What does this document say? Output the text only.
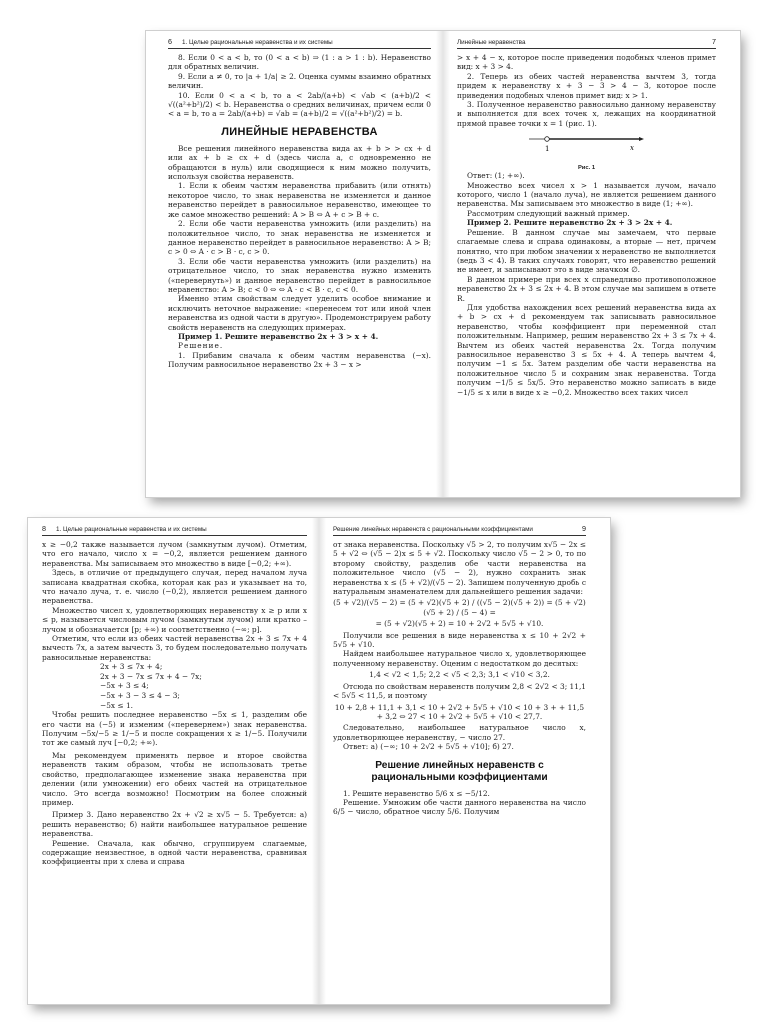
6	1. Целые рациональные неравенства и их системы

8. Если 0 < a < b, то (0 < a < b) ⇒ (1 : a > 1 : b). Неравенство для обратных величин.

9. Если a ≠ 0, то |a + 1/a| ≥ 2. Оценка суммы взаимно обратных величин.

10. Если 0 < a < b, то a < 2ab/(a+b) < √ab < (a+b)/2 < √((a²+b²)/2) < b. Неравенства о средних величинах, причем если 0 < a = b, то a = 2ab/(a+b) = √ab = (a+b)/2 = √((a²+b²)/2) = b.

ЛИНЕЙНЫЕ НЕРАВЕНСТВА

Все решения линейного неравенства вида ax + b > > cx + d или ax + b ≥ cx + d (здесь числа a, c одновременно не обращаются в нуль) или сводящиеся к ним можно получить, используя свойства неравенств.

1. Если к обеим частям неравенства прибавить (или отнять) некоторое число, то знак неравенства не изменяется и данное неравенство перейдет в равносильное неравенство, имеющее то же самое множество решений: A > B ⇔ A + c > B + c.

2. Если обе части неравенства умножить (или разделить) на положительное число, то знак неравенства не изменяется и данное неравенство перейдет в равносильное неравенство: A > B; c > 0 ⇔ A · c > B · c, c > 0.

3. Если обе части неравенства умножить (или разделить) на отрицательное число, то знак неравенства нужно изменить («перевернуть») и данное неравенство перейдет в равносильное неравенство: A > B; c < 0 ⇔ ⇔ A · c < B · c, c < 0.

Именно этим свойствам следует уделить особое внимание и исключить неточное выражение: «перенесем тот или иной член неравенства из одной части в другую». Продемонстрируем работу свойств неравенств на следующих примерах.

Пример 1. Решите неравенство 2x + 3 > x + 4.

Решение.

1. Прибавим сначала к обеим частям неравенства (−x). Получим равносильное неравенство 2x + 3 − x >

Линейные неравенства	7

> x + 4 − x, которое после приведения подобных членов примет вид: x + 3 > 4.

2. Теперь из обеих частей неравенства вычтем 3, тогда придем к неравенству x + 3 − 3 > 4 − 3, которое после приведения подобных членов примет вид: x > 1.

3. Полученное неравенство равносильно данному неравенству и выполняется для всех точек x, лежащих на координатной прямой правее точки x = 1 (рис. 1).

1	x
Рис. 1

Ответ: (1; +∞).

Множество всех чисел x > 1 называется лучом, начало которого, число 1 (начало луча), не является решением данного неравенства. Мы записываем это множество в виде (1; +∞).

Рассмотрим следующий важный пример.

Пример 2. Решите неравенство 2x + 3 > 2x + 4.

Решение. В данном случае мы замечаем, что первые слагаемые слева и справа одинаковы, а вторые — нет, причем понятно, что при любом значении x неравенство не выполняется (ведь 3 < 4). В таких случаях говорят, что неравенство решений не имеет, и записывают это в виде значком ∅.

В данном примере при всех x справедливо противоположное неравенство 2x + 3 ≤ 2x + 4. В этом случае мы запишем в ответе R.

Для удобства нахождения всех решений неравенства вида ax + b > cx + d рекомендуем так записывать равносильное неравенство, чтобы коэффициент при переменной стал положительным. Например, решим неравенство 2x + 3 ≤ 7x + 4. Вычтем из обеих частей неравенства 2x. Тогда получим равносильное неравенство 3 ≤ 5x + 4. А теперь вычтем 4, получим −1 ≤ 5x. Затем разделим обе части неравенства на положительное число 5 и сохраним знак неравенства. Тогда получим −1/5 ≤ 5x/5. Это неравенство можно записать в виде −1/5 ≤ x или в виде x ≥ −0,2. Множество всех таких чисел

8	1. Целые рациональные неравенства и их системы

x ≥ −0,2 также называется лучом (замкнутым лучом). Отметим, что его начало, число x = −0,2, является решением данного неравенства. Мы записываем это множество в виде [−0,2; +∞).

Здесь, в отличие от предыдущего случая, перед началом луча записана квадратная скобка, которая как раз и указывает на то, что начало луча, т. е. число (−0,2), является решением данного неравенства.

Множество чисел x, удовлетворяющих неравенству x ≥ p или x ≤ p, называется числовым лучом (замкнутым лучом) или кратко – лучом и обозначается [p; +∞) и соответственно (−∞; p].

Отметим, что если из обеих частей неравенства 2x + 3 ≤ 7x + 4 вычесть 7x, а затем вычесть 3, то будем последовательно получать равносильные неравенства:

2x + 3 ≤ 7x + 4;
2x + 3 − 7x ≤ 7x + 4 − 7x;
−5x + 3 ≤ 4;
−5x + 3 − 3 ≤ 4 − 3;
−5x ≤ 1.

Чтобы решить последнее неравенство −5x ≤ 1, разделим обе его части на (−5) и изменим («перевернем») знак неравенства. Получим −5x/−5 ≥ 1/−5 и после сокращения x ≥ 1/−5. Получили тот же самый луч [−0,2; +∞).

Мы рекомендуем применять первое и второе свойства неравенств таким образом, чтобы не использовать третье свойство, предполагающее изменение знака неравенства при делении (или умножении) его обеих частей на отрицательное число. Это всегда возможно! Посмотрим на более сложный пример.

Пример 3. Дано неравенство 2x + √2 ≥ x√5 − 5. Требуется: а) решить неравенство; б) найти наибольшее натуральное решение неравенства.

Решение. Сначала, как обычно, сгруппируем слагаемые, содержащие неизвестное, в одной части неравенства, сравнивая коэффициенты при x слева и справа

Решение линейных неравенств с рациональными коэффициентами	9

от знака неравенства. Поскольку √5 > 2, то получим x√5 − 2x ≤ 5 + √2 ⇔ (√5 − 2)x ≤ 5 + √2. Поскольку число √5 − 2 > 0, то по второму свойству, разделив обе части неравенства на положительное число (√5 − 2), нужно сохранить знак неравенства x ≤ (5 + √2)/(√5 − 2). Запишем полученную дробь с натуральным знаменателем для дальнейшего решения задачи:

(5 + √2)/(√5 − 2) = (5 + √2)(√5 + 2) / ((√5 − 2)(√5 + 2)) = (5 + √2)(√5 + 2) / (5 − 4) =

= (5 + √2)(√5 + 2) = 10 + 2√2 + 5√5 + √10.

Получили все решения в виде неравенства x ≤ 10 + 2√2 + 5√5 + √10.

Найдем наибольшее натуральное число x, удовлетворяющее полученному неравенству. Оценим с недостатком до десятых:

1,4 < √2 < 1,5; 2,2 < √5 < 2,3; 3,1 < √10 < 3,2.

Отсюда по свойствам неравенств получим 2,8 < 2√2 < 3; 11,1 < 5√5 < 11,5, и поэтому

10 + 2,8 + 11,1 + 3,1 < 10 + 2√2 + 5√5 + √10 < 10 + 3 + + 11,5 + 3,2 ⇔ 27 < 10 + 2√2 + 5√5 + √10 < 27,7.

Следовательно, наибольшее натуральное число x, удовлетворяющее неравенству, − число 27.

Ответ: а) (−∞; 10 + 2√2 + 5√5 + √10]; б) 27.

Решение линейных неравенств с рациональными коэффициентами

1. Решите неравенство 5/6 x ≤ −5/12.

Решение. Умножим обе части данного неравенства на число 6/5 − число, обратное числу 5/6. Получим
